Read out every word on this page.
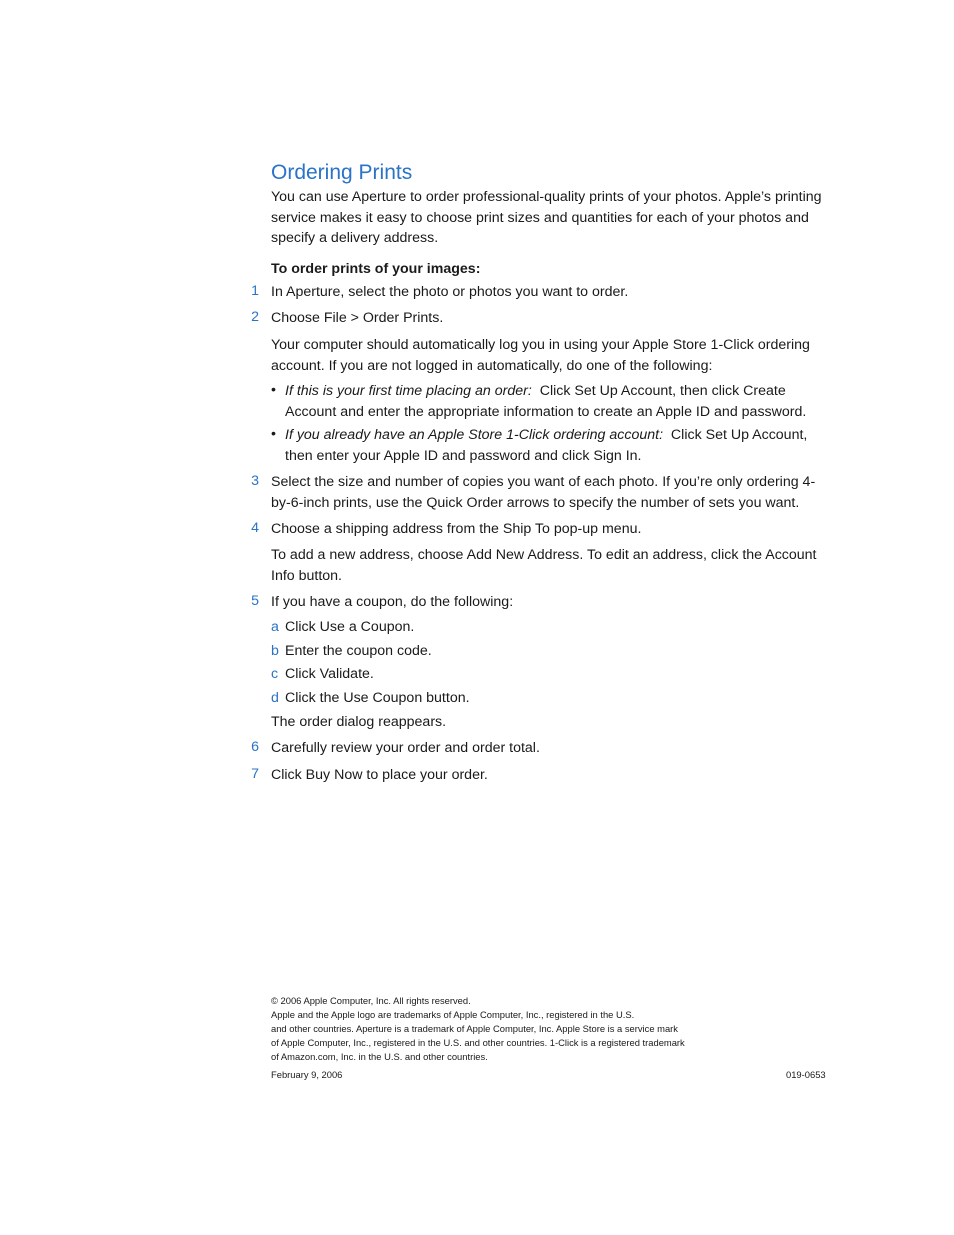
Ordering Prints
You can use Aperture to order professional-quality prints of your photos. Apple’s printing service makes it easy to choose print sizes and quantities for each of your photos and specify a delivery address.
To order prints of your images:
1 In Aperture, select the photo or photos you want to order.
2 Choose File > Order Prints.
Your computer should automatically log you in using your Apple Store 1-Click ordering account. If you are not logged in automatically, do one of the following:
• If this is your first time placing an order: Click Set Up Account, then click Create Account and enter the appropriate information to create an Apple ID and password.
• If you already have an Apple Store 1-Click ordering account: Click Set Up Account, then enter your Apple ID and password and click Sign In.
3 Select the size and number of copies you want of each photo. If you’re only ordering 4-by-6-inch prints, use the Quick Order arrows to specify the number of sets you want.
4 Choose a shipping address from the Ship To pop-up menu.
To add a new address, choose Add New Address. To edit an address, click the Account Info button.
5 If you have a coupon, do the following:
a Click Use a Coupon.
b Enter the coupon code.
c Click Validate.
d Click the Use Coupon button.
The order dialog reappears.
6 Carefully review your order and order total.
7 Click Buy Now to place your order.
© 2006 Apple Computer, Inc. All rights reserved.
Apple and the Apple logo are trademarks of Apple Computer, Inc., registered in the U.S.
and other countries. Aperture is a trademark of Apple Computer, Inc. Apple Store is a service mark
of Apple Computer, Inc., registered in the U.S. and other countries. 1-Click is a registered trademark
of Amazon.com, Inc. in the U.S. and other countries.
February 9, 2006	019-0653
